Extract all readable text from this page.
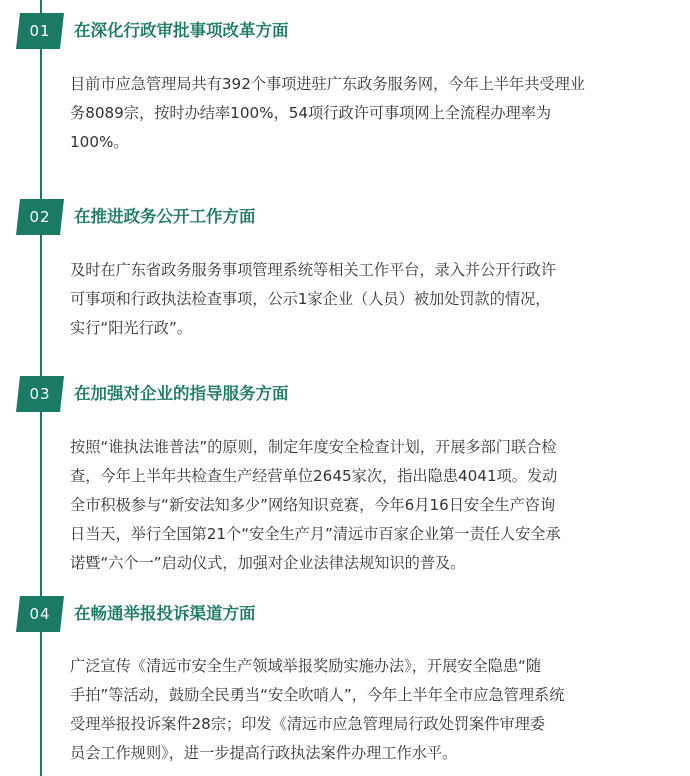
01	在深化行政审批事项改革方面
目前市应急管理局共有392个事项进驻广东政务服务网，今年上半年共受理业
务8089宗，按时办结率100%，54项行政许可事项网上全流程办理率为
100%。
02	在推进政务公开工作方面
及时在广东省政务服务事项管理系统等相关工作平台，录入并公开行政许
可事项和行政执法检查事项，公示1家企业（人员）被加处罚款的情况，
实行“阳光行政”。
03	在加强对企业的指导服务方面
按照“谁执法谁普法”的原则，制定年度安全检查计划，开展多部门联合检
查，今年上半年共检查生产经营单位2645家次，指出隐患4041项。发动
全市积极参与“新安法知多少”网络知识竞赛，今年6月16日安全生产咨询
日当天，举行全国第21个“安全生产月”清远市百家企业第一责任人安全承
诺暨“六个一”启动仪式，加强对企业法律法规知识的普及。
04	在畅通举报投诉渠道方面
广泛宣传《清远市安全生产领域举报奖励实施办法》，开展安全隐患“随
手拍”等活动，鼓励全民勇当“安全吹哨人”，今年上半年全市应急管理系统
受理举报投诉案件28宗；印发《清远市应急管理局行政处罚案件审理委
员会工作规则》，进一步提高行政执法案件办理工作水平。
